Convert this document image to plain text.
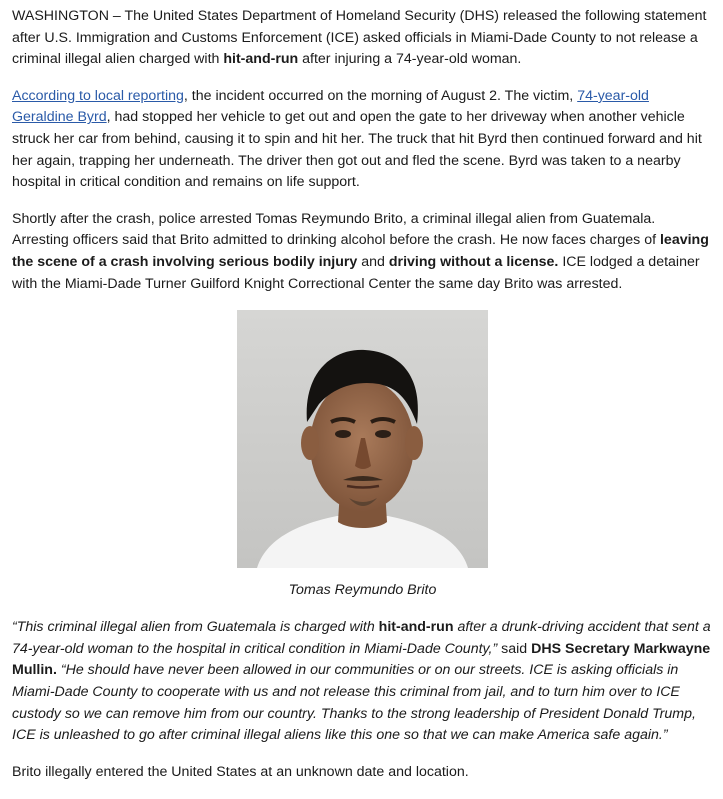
WASHINGTON – The United States Department of Homeland Security (DHS) released the following statement after U.S. Immigration and Customs Enforcement (ICE) asked officials in Miami-Dade County to not release a criminal illegal alien charged with hit-and-run after injuring a 74-year-old woman.

According to local reporting, the incident occurred on the morning of August 2. The victim, 74-year-old Geraldine Byrd, had stopped her vehicle to get out and open the gate to her driveway when another vehicle struck her car from behind, causing it to spin and hit her. The truck that hit Byrd then continued forward and hit her again, trapping her underneath. The driver then got out and fled the scene. Byrd was taken to a nearby hospital in critical condition and remains on life support.

Shortly after the crash, police arrested Tomas Reymundo Brito, a criminal illegal alien from Guatemala. Arresting officers said that Brito admitted to drinking alcohol before the crash. He now faces charges of leaving the scene of a crash involving serious bodily injury and driving without a license. ICE lodged a detainer with the Miami-Dade Turner Guilford Knight Correctional Center the same day Brito was arrested.

Tomas Reymundo Brito

“This criminal illegal alien from Guatemala is charged with hit-and-run after a drunk-driving accident that sent a 74-year-old woman to the hospital in critical condition in Miami-Dade County,” said DHS Secretary Markwayne Mullin. “He should have never been allowed in our communities or on our streets. ICE is asking officials in Miami-Dade County to cooperate with us and not release this criminal from jail, and to turn him over to ICE custody so we can remove him from our country. Thanks to the strong leadership of President Donald Trump, ICE is unleashed to go after criminal illegal aliens like this one so that we can make America safe again.”

Brito illegally entered the United States at an unknown date and location.
